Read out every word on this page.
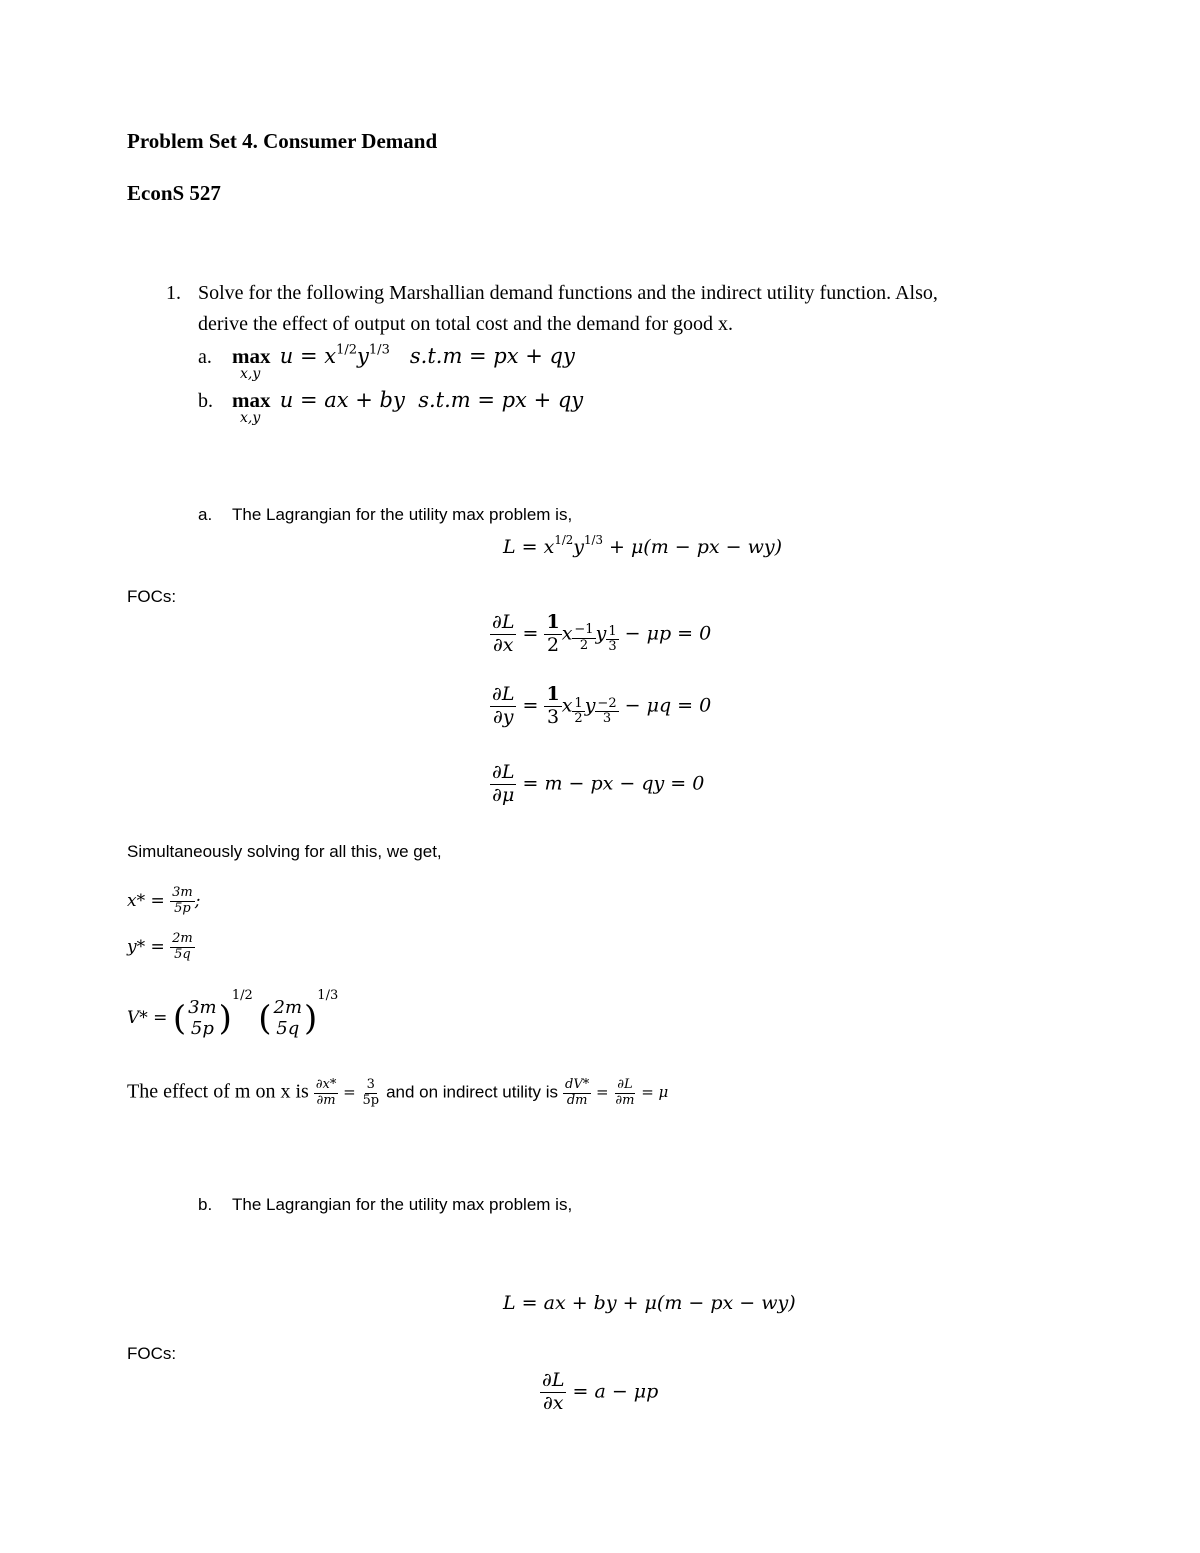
Problem Set 4. Consumer Demand
EconS 527
1. Solve for the following Marshallian demand functions and the indirect utility function. Also,
derive the effect of output on total cost and the demand for good x.
a. $\max u = x^{1/2}y^{1/3}$   s.t.m = px + qy
x,y
b. max u = ax + by  s.t.m = px + qy
x,y
a. The Lagrangian for the utility max problem is,
$L = x^{1/2}y^{1/3} + \mu(m$ − px − wy)
FOCs:
$\frac{\partial L}{\partial x} = \frac{1}{2}$ x $^{\frac{-1}{2}}$ y $^{\frac{1}{3}}$ − μp = 0
$\frac{\partial L}{\partial y} = \frac{1}{3}$ x $^{\frac{1}{2}}$ y $^{\frac{-2}{3}}$ − μq = 0
$\frac{\partial L}{\partial\mu} = m$ − px − qy = 0
Simultaneously solving for all this, we get,
$x* = \frac{3m}{5p}$ ;
$y* = \frac{2m}{5q}$
V* = ( 3m
5p )$^{1/2}$ ( 2m
5q )$^{1/3}$
The effect of m on x is $\frac{\partial x*}{\partial m} = \frac{3}{5p}$ and on indirect utility is $\frac{dV*}{dm} = \frac{\partial L}{\partial m} = \mu$
b. The Lagrangian for the utility max problem is,
L = ax + by + μ(m − px − wy)
FOCs:
$\frac{\partial L}{\partial x} = a - \mu p$
